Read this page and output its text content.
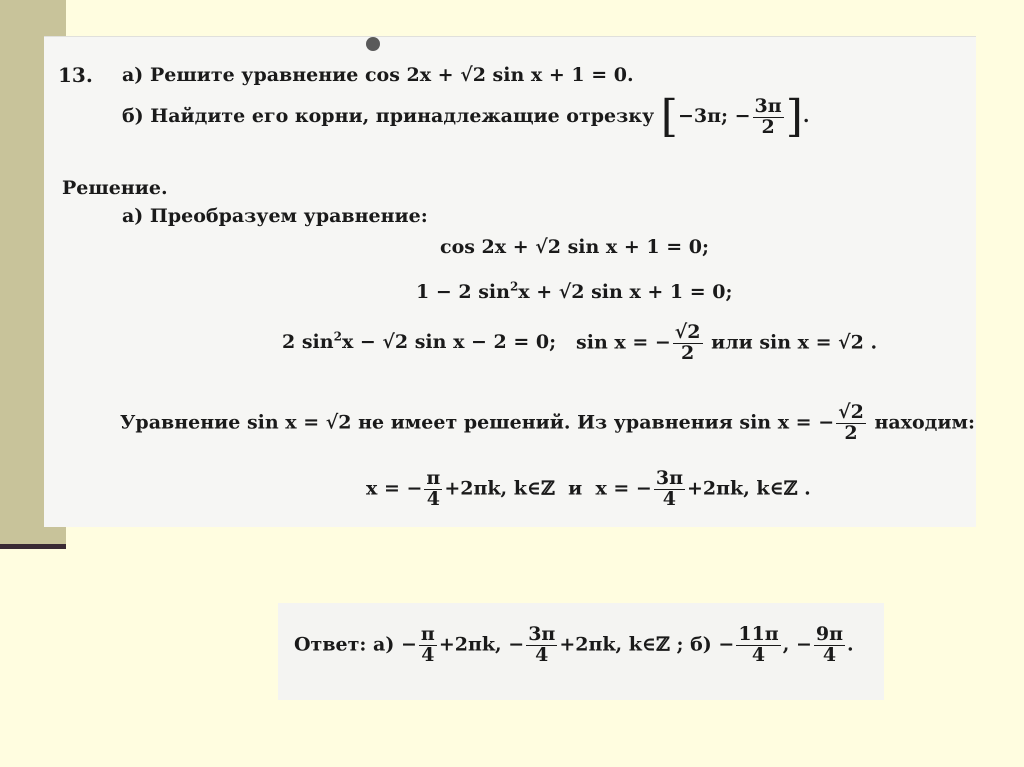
13. а) Решите уравнение cos 2x + √2 sin x + 1 = 0.
б) Найдите его корни, принадлежащие отрезку [−3π; − $\frac{3\pi}{2}$ ].
Решение.
а) Преобразуем уравнение:
cos 2x + √2 sin x + 1 = 0;
1 − 2 $\sin^2x + √2$ sin x + 1 = 0;
2 $\sin^2x - √2$ sin x − 2 = 0; sin x = − $\frac{√2}{2}$ или sin x = √2 .
Уравнение sin x = √2 не имеет решений. Из уравнения sin x = − $\frac{√2}{2}$ находим:
x = − $\frac{\pi}{4} +2\pi k$, k∈ℤ и x = − $\frac{3\pi}{4} +2\pi k$, k∈ℤ .
Ответ: $а) - \frac{\pi}{4} +2\pi k$, − $\frac{3\pi}{4} +2\pi k$, k∈ℤ ; $б) - \frac{11\pi}{4}$ , − $\frac{9\pi}{4}$ .
